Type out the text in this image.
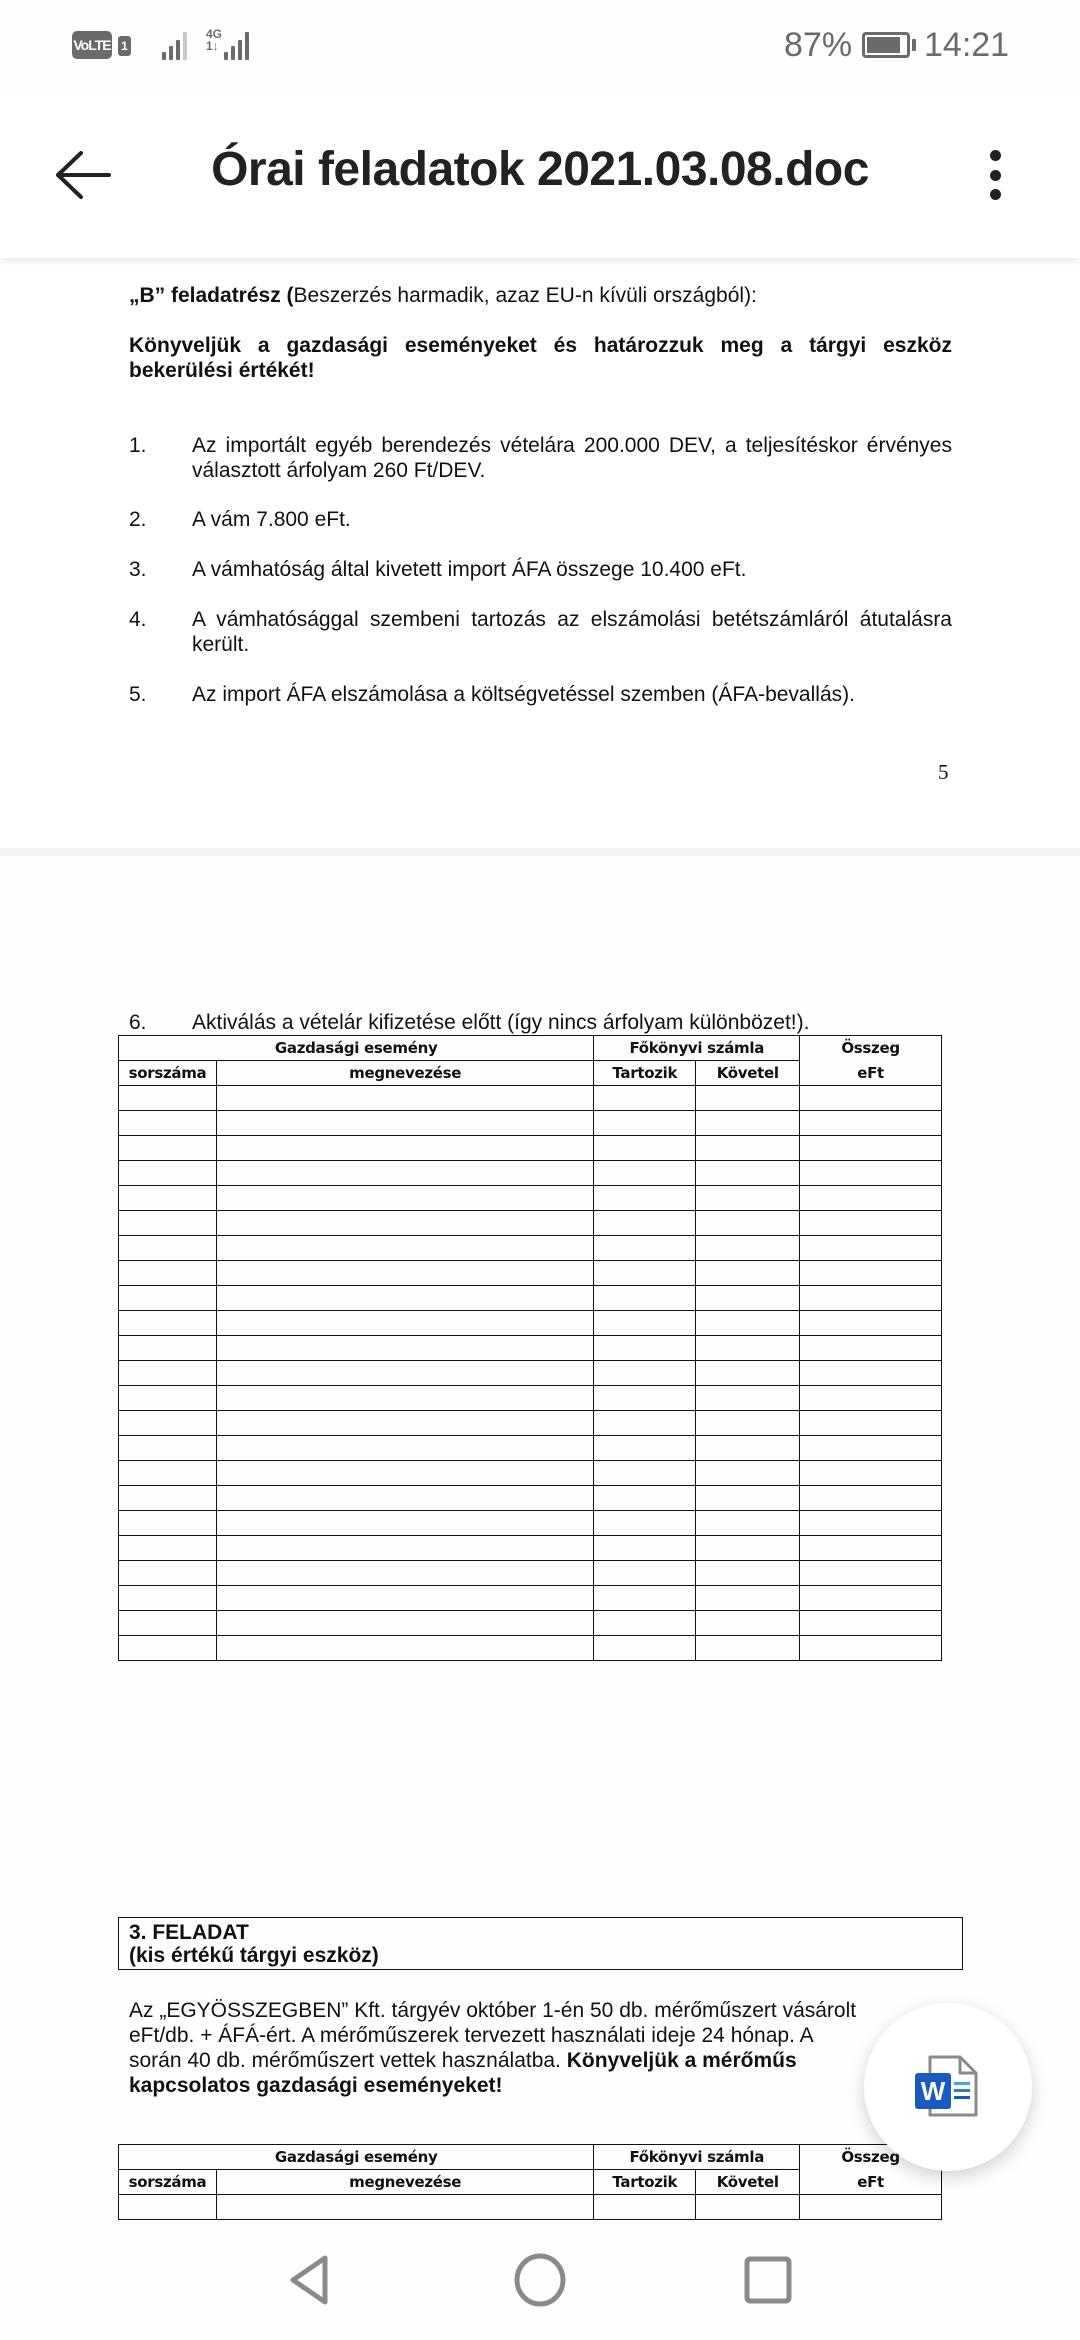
VoLTE 1
4G
1↓	87% 14:21
Órai feladatok 2021.03.08.doc
„B” feladatrész (Beszerzés harmadik, azaz EU-n kívüli országból):
Könyveljük a gazdasági eseményeket és határozzuk meg a tárgyi eszköz bekerülési értékét!
1.	Az importált egyéb berendezés vételára 200.000 DEV, a teljesítéskor érvényes választott árfolyam 260 Ft/DEV.
2.	A vám 7.800 eFt.
3.	A vámhatóság által kivetett import ÁFA összege 10.400 eFt.
4.	A vámhatósággal szembeni tartozás az elszámolási betétszámláról átutalásra került.
5.	Az import ÁFA elszámolása a költségvetéssel szemben (ÁFA-bevallás).
5
6.	Aktiválás a vételár kifizetése előtt (így nincs árfolyam különbözet!).
Gazdasági esemény		Főkönyvi számla		Összeg
sorszáma	megnevezése	Tartozik	Követel	eFt

3. FELADAT
(kis értékű tárgyi eszköz)
Az „EGYÖSSZEGBEN” Kft. tárgyév október 1-én 50 db. mérőműszert vásárolt
eFt/db. + ÁFÁ-ért. A mérőműszerek tervezett használati ideje 24 hónap. A
során 40 db. mérőműszert vettek használatba. Könyveljük a mérőműs
kapcsolatos gazdasági eseményeket!
Gazdasági esemény		Főkönyvi számla		Összeg
sorszáma	megnevezése	Tartozik	Követel	eFt

W
